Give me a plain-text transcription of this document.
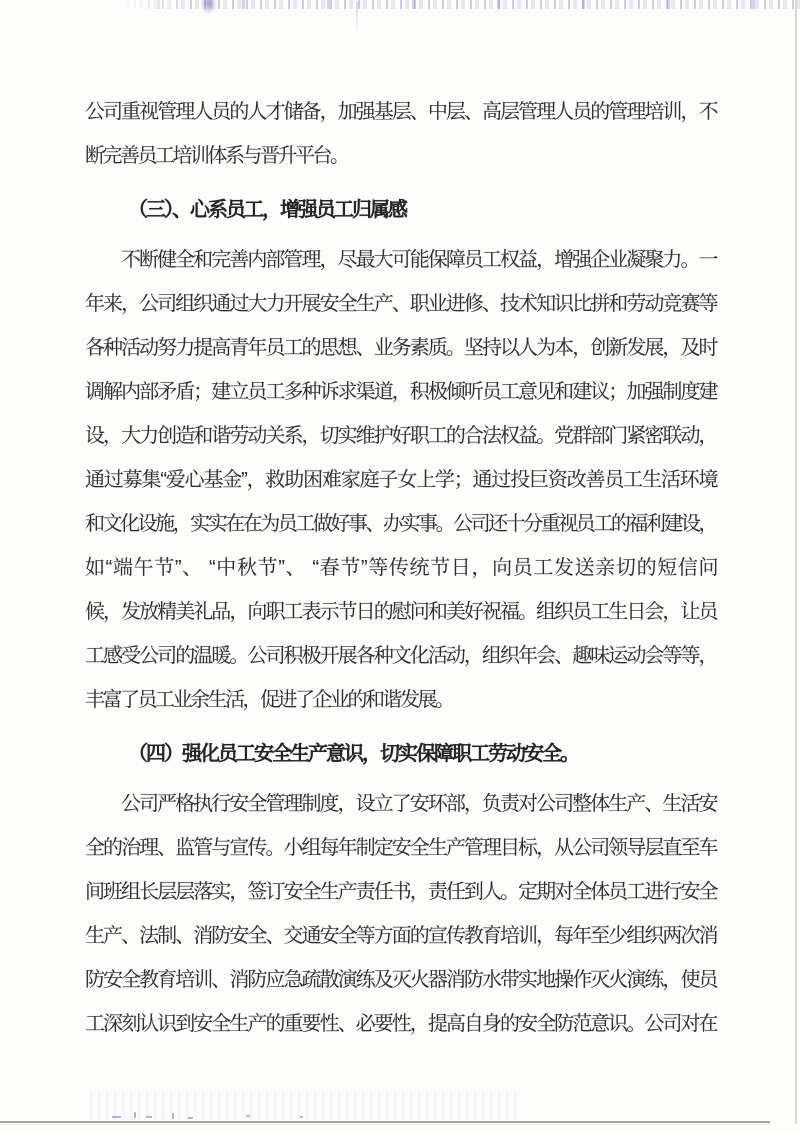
公司重视管理人员的人才储备，加强基层、中层、高层管理人员的管理培训，不
断完善员工培训体系与晋升平台。
（三）、心系员工，增强员工归属感
不断健全和完善内部管理，尽最大可能保障员工权益，增强企业凝聚力。一
年来，公司组织通过大力开展安全生产、职业进修、技术知识比拼和劳动竞赛等
各种活动努力提高青年员工的思想、业务素质。坚持以人为本，创新发展，及时
调解内部矛盾；建立员工多种诉求渠道，积极倾听员工意见和建议；加强制度建
设，大力创造和谐劳动关系，切实维护好职工的合法权益。党群部门紧密联动，
通过募集“爱心基金”，救助困难家庭子女上学；通过投巨资改善员工生活环境
和文化设施，实实在在为员工做好事、办实事。公司还十分重视员工的福利建设，
如“端午节”、 “中秋节”、 “春节”等传统节日，向员工发送亲切的短信问
候，发放精美礼品，向职工表示节日的慰问和美好祝福。组织员工生日会，让员
工感受公司的温暖。公司积极开展各种文化活动，组织年会、趣味运动会等等，
丰富了员工业余生活，促进了企业的和谐发展。
（四）强化员工安全生产意识，切实保障职工劳动安全。
公司严格执行安全管理制度，设立了安环部，负责对公司整体生产、生活安
全的治理、监管与宣传。小组每年制定安全生产管理目标，从公司领导层直至车
间班组长层层落实，签订安全生产责任书，责任到人。定期对全体员工进行安全
生产、法制、消防安全、交通安全等方面的宣传教育培训，每年至少组织两次消
防安全教育培训、消防应急疏散演练及灭火器消防水带实地操作灭火演练，使员
工深刻认识到安全生产的重要性、必要性，提高自身的安全防范意识。公司对在
